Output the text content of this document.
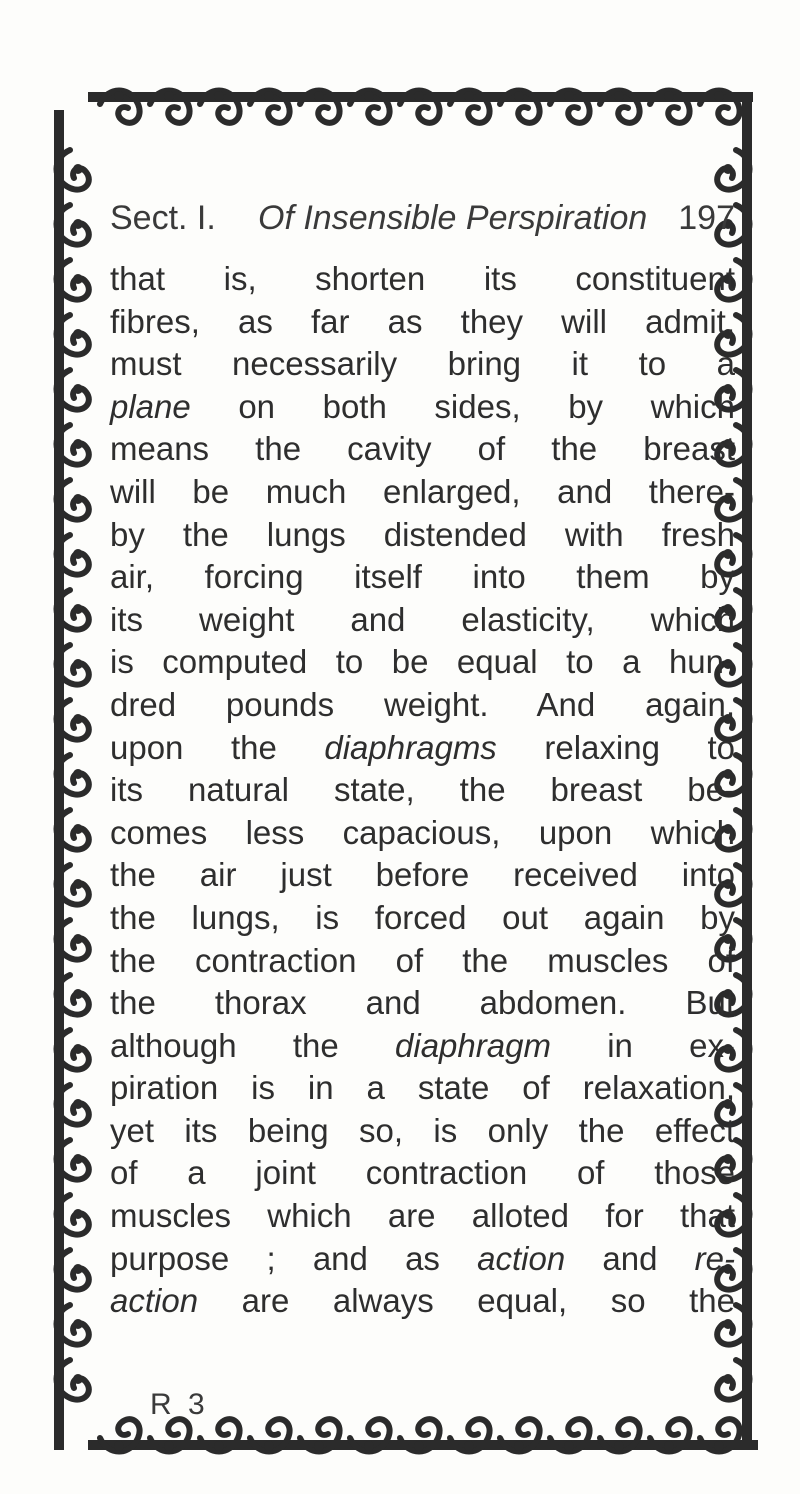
Sect. I. Of Insensible Perspiration 197
that is, shorten its constituent
fibres, as far as they will admit,
must necessarily bring it to a
plane on both sides, by which
means the cavity of the breast
will be much enlarged, and there-
by the lungs distended with fresh
air, forcing itself into them by
its weight and elasticity, which
is computed to be equal to a hun-
dred pounds weight. And again,
upon the diaphragms relaxing to
its natural state, the breast be-
comes less capacious, upon which
the air just before received into
the lungs, is forced out again by
the contraction of the muscles of
the thorax and abdomen. But
although the diaphragm in ex-
piration is in a state of relaxation,
yet its being so, is only the effect
of a joint contraction of those
muscles which are alloted for that
purpose ; and as action and re-
action are always equal, so the
R 3
